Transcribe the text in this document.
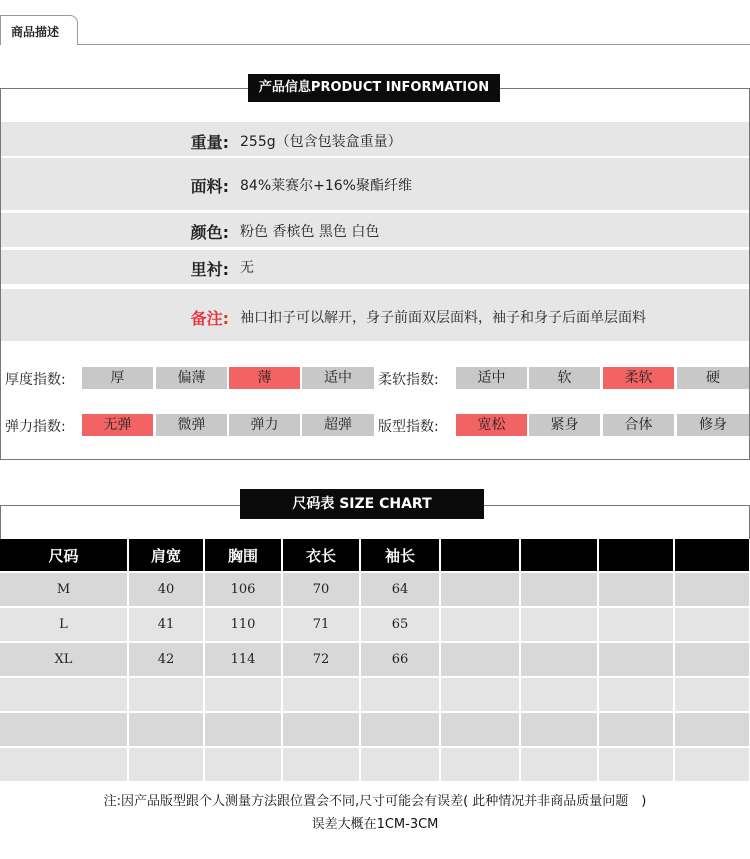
商品描述
产品信息PRODUCT INFORMATION
重量: 255g（包含包装盒重量）
面料: 84%莱赛尔+16%聚酯纤维
颜色: 粉色 香槟色 黑色 白色
里衬: 无
备注: 袖口扣子可以解开，身子前面双层面料，袖子和身子后面单层面料
厚度指数:	厚	偏薄	薄	适中	柔软指数:	适中	软	柔软	硬
弹力指数:	无弹	微弹	弹力	超弹	版型指数:	宽松	紧身	合体	修身
尺码表 SIZE CHART
尺码	肩宽	胸围	衣长	袖长				
M	40	106	70	64				
L	41	110	71	65				
XL	42	114	72	66				

注:因产品版型跟个人测量方法跟位置会不同,尺寸可能会有误差( 此种情况并非商品质量问题　)
误差大概在1CM-3CM
